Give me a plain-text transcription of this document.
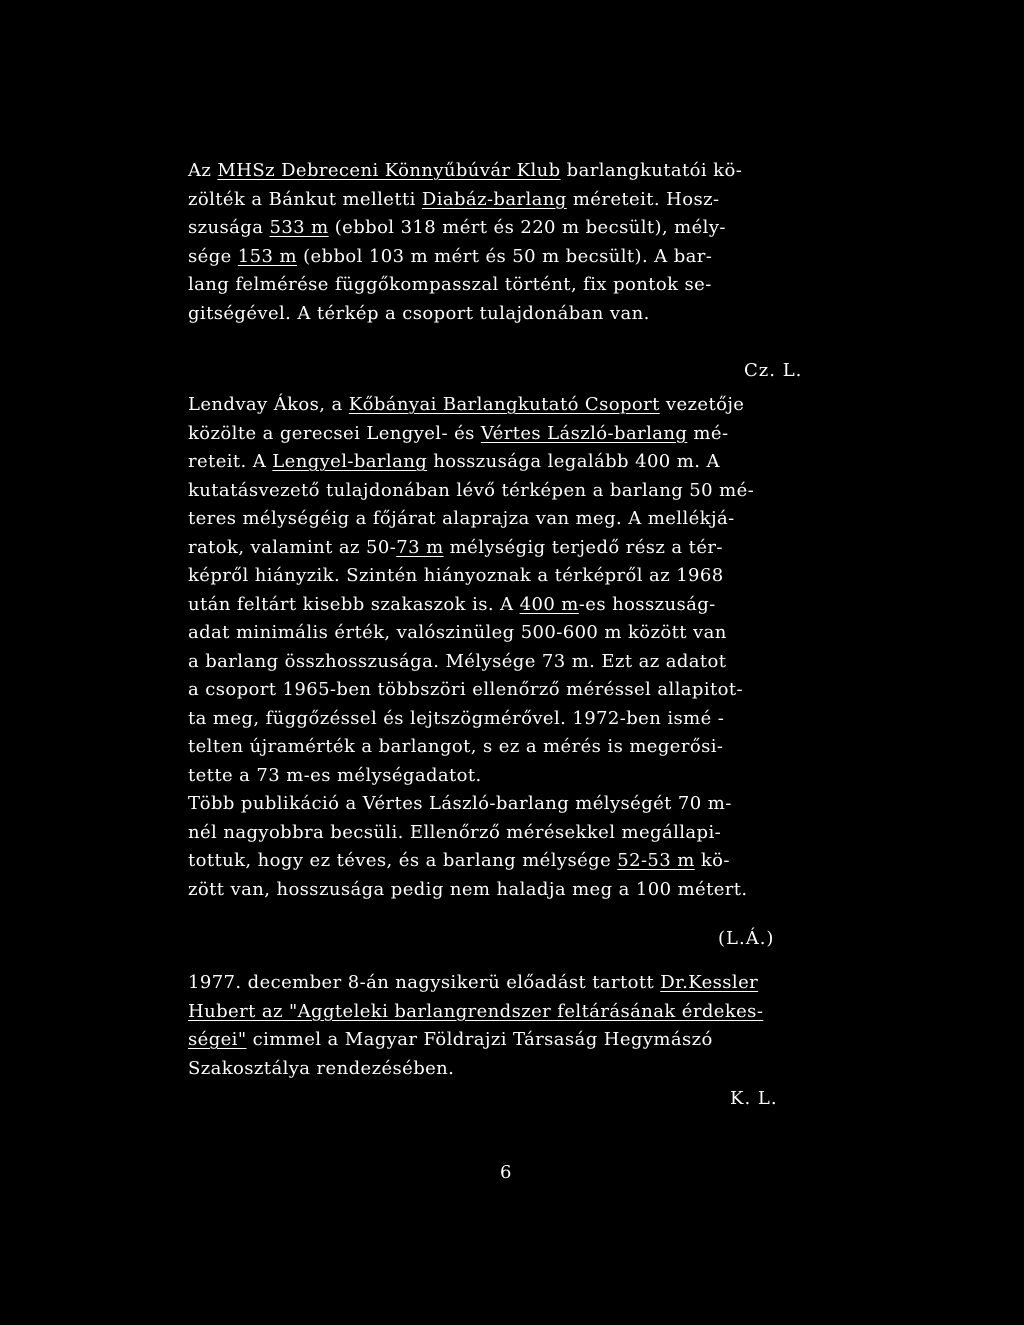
Az MHSz Debreceni Könnyűbúvár Klub barlangkutatói kö-
zölték a Bánkut melletti Diabáz-barlang méreteit. Hosz-
szusága 533 m (ebbol 318 mért és 220 m becsült), mély-
sége 153 m (ebbol 103 m mért és 50 m becsült). A bar-
lang felmérése függőkompasszal történt, fix pontok se-
gitségével. A térkép a csoport tulajdonában van.
Cz. L.
Lendvay Ákos, a Kőbányai Barlangkutató Csoport vezetője
közölte a gerecsei Lengyel- és Vértes László-barlang mé-
reteit. A Lengyel-barlang hosszusága legalább 400 m. A
kutatásvezető tulajdonában lévő térképen a barlang 50 mé-
teres mélységéig a főjárat alaprajza van meg. A mellékjá-
ratok, valamint az 50-73 m mélységig terjedő rész a tér-
képről hiányzik. Szintén hiányoznak a térképről az 1968
után feltárt kisebb szakaszok is. A 400 m-es hosszuság-
adat minimális érték, valószinüleg 500-600 m között van
a barlang összhosszusága. Mélysége 73 m. Ezt az adatot
a csoport 1965-ben többszöri ellenőrző méréssel allapitot-
ta meg, függőzéssel és lejtszögmérővel. 1972-ben ismé -
telten újramérték a barlangot, s ez a mérés is megerősi-
tette a 73 m-es mélységadatot.
Több publikáció a Vértes László-barlang mélységét 70 m-
nél nagyobbra becsüli. Ellenőrző mérésekkel megállapi-
tottuk, hogy ez téves, és a barlang mélysége 52-53 m kö-
zött van, hosszusága pedig nem haladja meg a 100 métert.
(L.Á.)
1977. december 8-án nagysikerü előadást tartott Dr.Kessler
Hubert az "Aggteleki barlangrendszer feltárásának érdekes-
ségei" cimmel a Magyar Földrajzi Társaság Hegymászó
Szakosztálya rendezésében.
K. L.
6
